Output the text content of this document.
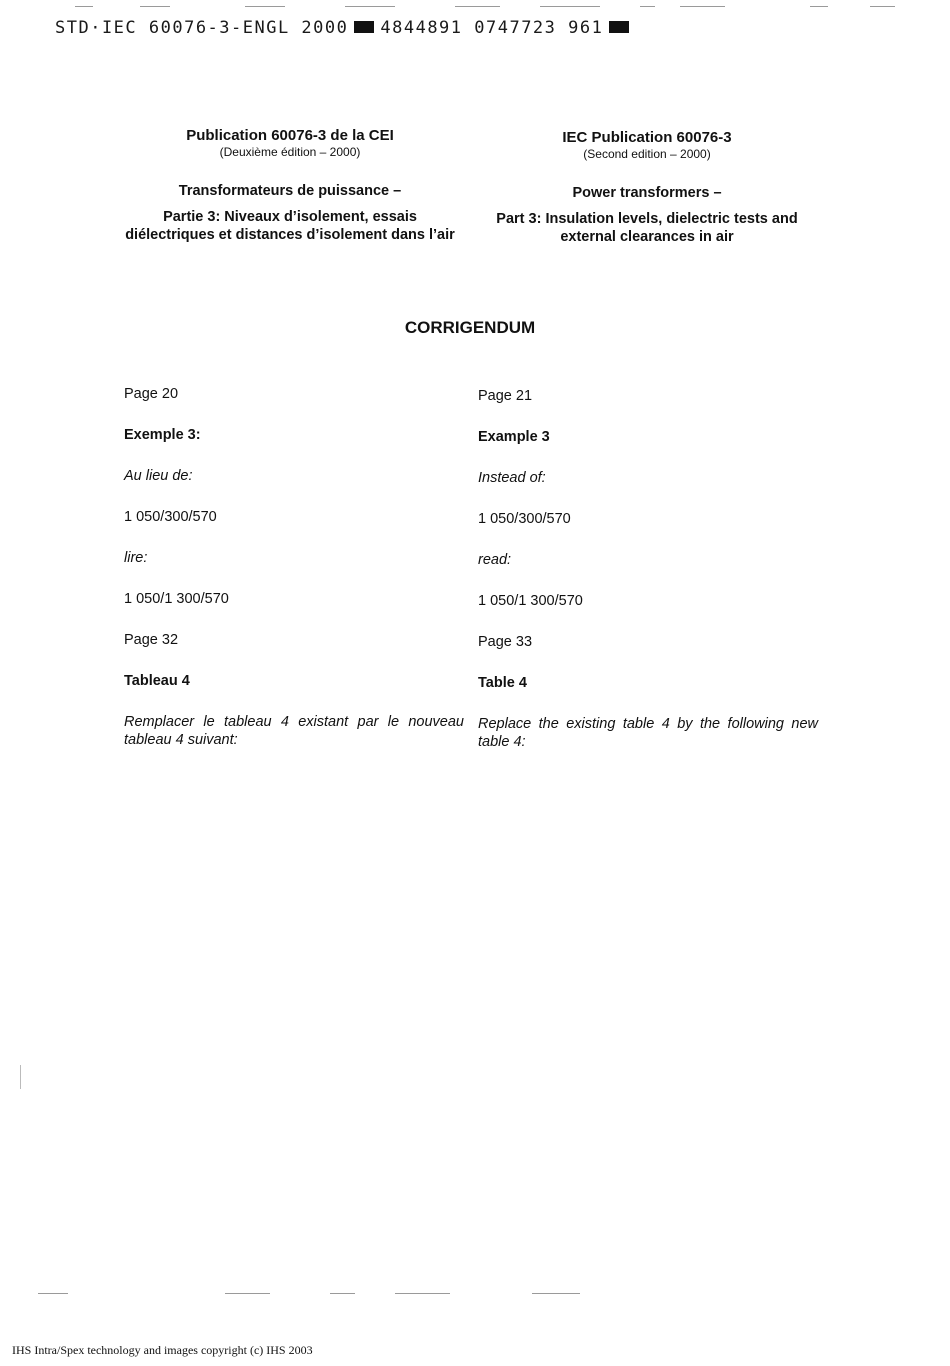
STD·IEC 60076-3-ENGL 2000 4844891 0747723 961
Publication 60076-3 de la CEI
(Deuxième édition – 2000)
Transformateurs de puissance –
Partie 3: Niveaux d’isolement, essais diélectriques et distances d’isolement dans l’air
IEC Publication 60076-3
(Second edition – 2000)
Power transformers –
Part 3: Insulation levels, dielectric tests and external clearances in air
CORRIGENDUM
Page 20
Exemple 3:
Au lieu de:
1 050/300/570
lire:
1 050/1 300/570
Page 32
Tableau 4
Remplacer le tableau 4 existant par le nouveau tableau 4 suivant:
Page 21
Example 3
Instead of:
1 050/300/570
read:
1 050/1 300/570
Page 33
Table 4
Replace the existing table 4 by the following new table 4:
IHS Intra/Spex technology and images copyright (c) IHS 2003
